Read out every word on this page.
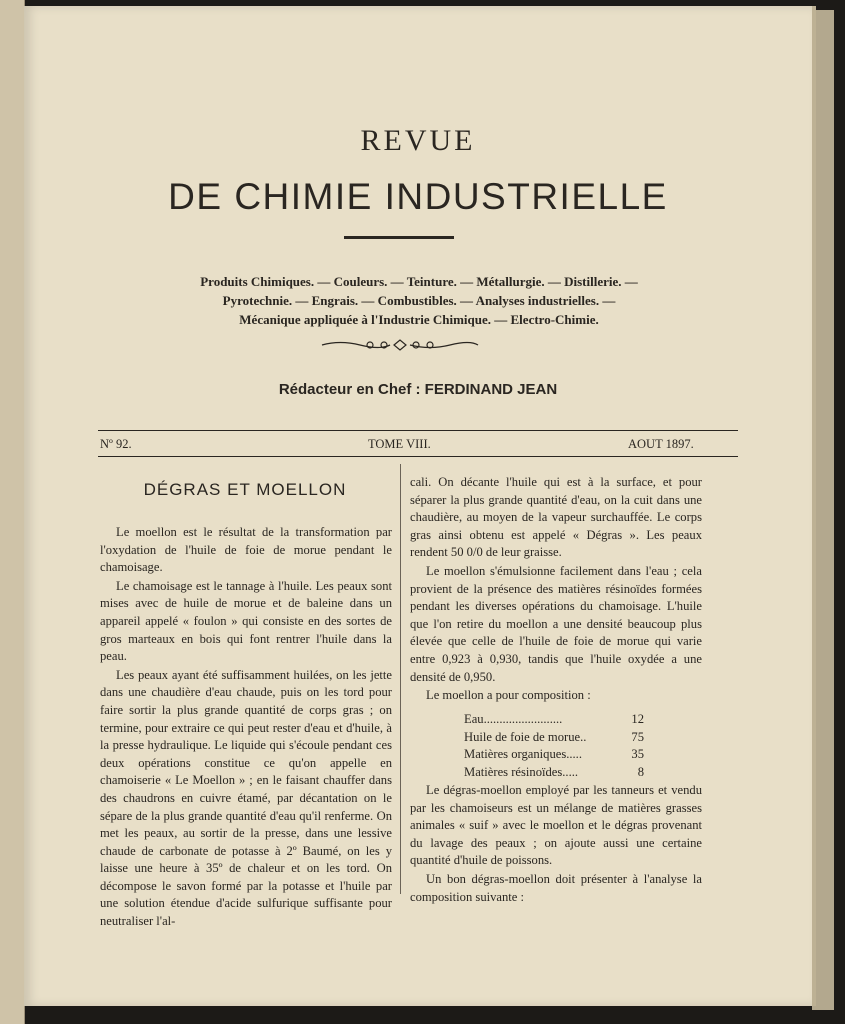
REVUE
DE CHIMIE INDUSTRIELLE
Produits Chimiques. — Couleurs. — Teinture. — Métallurgie. — Distillerie. —
Pyrotechnie. — Engrais. — Combustibles. — Analyses industrielles. —
Mécanique appliquée à l'Industrie Chimique. — Electro-Chimie.
Rédacteur en Chef : FERDINAND JEAN
Nº 92.	TOME VIII.	AOUT 1897.
DÉGRAS ET MOELLON

Le moellon est le résultat de la transformation par l'oxydation de l'huile de foie de morue pendant le chamoisage.

Le chamoisage est le tannage à l'huile. Les peaux sont mises avec de huile de morue et de baleine dans un appareil appelé « foulon » qui consiste en des sortes de gros marteaux en bois qui font rentrer l'huile dans la peau.

Les peaux ayant été suffisamment huilées, on les jette dans une chaudière d'eau chaude, puis on les tord pour faire sortir la plus grande quantité de corps gras ; on termine, pour extraire ce qui peut rester d'eau et d'huile, à la presse hydraulique. Le liquide qui s'écoule pendant ces deux opérations constitue ce qu'on appelle en chamoiserie « Le Moellon » ; en le faisant chauffer dans des chaudrons en cuivre étamé, par décantation on le sépare de la plus grande quantité d'eau qu'il renferme. On met les peaux, au sortir de la presse, dans une lessive chaude de carbonate de potasse à 2º Baumé, on les y laisse une heure à 35º de chaleur et on les tord. On décompose le savon formé par la potasse et l'huile par une solution étendue d'acide sulfurique suffisante pour neutraliser l'al-

cali. On décante l'huile qui est à la surface, et pour séparer la plus grande quantité d'eau, on la cuit dans une chaudière, au moyen de la vapeur surchauffée. Le corps gras ainsi obtenu est appelé « Dégras ». Les peaux rendent 50 0/0 de leur graisse.

Le moellon s'émulsionne facilement dans l'eau ; cela provient de la présence des matières résinoïdes formées pendant les diverses opérations du chamoisage. L'huile que l'on retire du moellon a une densité beaucoup plus élevée que celle de l'huile de foie de morue qui varie entre 0,923 à 0,930, tandis que l'huile oxydée a une densité de 0,950.

Le moellon a pour composition :

Eau.........................	12
Huile de foie de morue..	75
Matières organiques.....	35
Matières résinoïdes.....	8

Le dégras-moellon employé par les tanneurs et vendu par les chamoiseurs est un mélange de matières grasses animales « suif » avec le moellon et le dégras provenant du lavage des peaux ; on ajoute aussi une certaine quantité d'huile de poissons.

Un bon dégras-moellon doit présenter à l'analyse la composition suivante :
